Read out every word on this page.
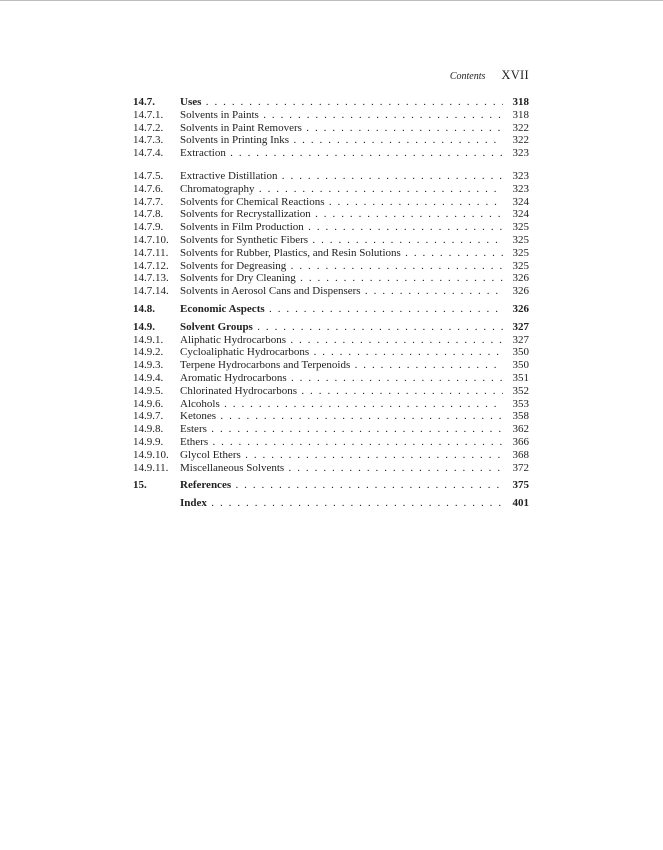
Contents XVII
14.7.	Uses . . .	318
14.7.1.	Solvents in Paints . . .	318
14.7.2.	Solvents in Paint Removers . . .	322
14.7.3.	Solvents in Printing Inks . . .	322
14.7.4.	Extraction . . .	323
14.7.5.	Extractive Distillation . . .	323
14.7.6.	Chromatography . . .	323
14.7.7.	Solvents for Chemical Reactions . . .	324
14.7.8.	Solvents for Recrystallization . . .	324
14.7.9.	Solvents in Film Production . . .	325
14.7.10.	Solvents for Synthetic Fibers . . .	325
14.7.11.	Solvents for Rubber, Plastics, and Resin Solutions . . .	325
14.7.12.	Solvents for Degreasing . . .	325
14.7.13.	Solvents for Dry Cleaning . . .	326
14.7.14.	Solvents in Aerosol Cans and Dispensers . . .	326
14.8.	Economic Aspects . . .	326
14.9.	Solvent Groups . . .	327
14.9.1.	Aliphatic Hydrocarbons . . .	327
14.9.2.	Cycloaliphatic Hydrocarbons . . .	350
14.9.3.	Terpene Hydrocarbons and Terpenoids . . .	350
14.9.4.	Aromatic Hydrocarbons . . .	351
14.9.5.	Chlorinated Hydrocarbons . . .	352
14.9.6.	Alcohols . . .	353
14.9.7.	Ketones . . .	358
14.9.8.	Esters . . .	362
14.9.9.	Ethers . . .	366
14.9.10.	Glycol Ethers . . .	368
14.9.11.	Miscellaneous Solvents . . .	372
15.	References . . .	375
Index . . .	401
